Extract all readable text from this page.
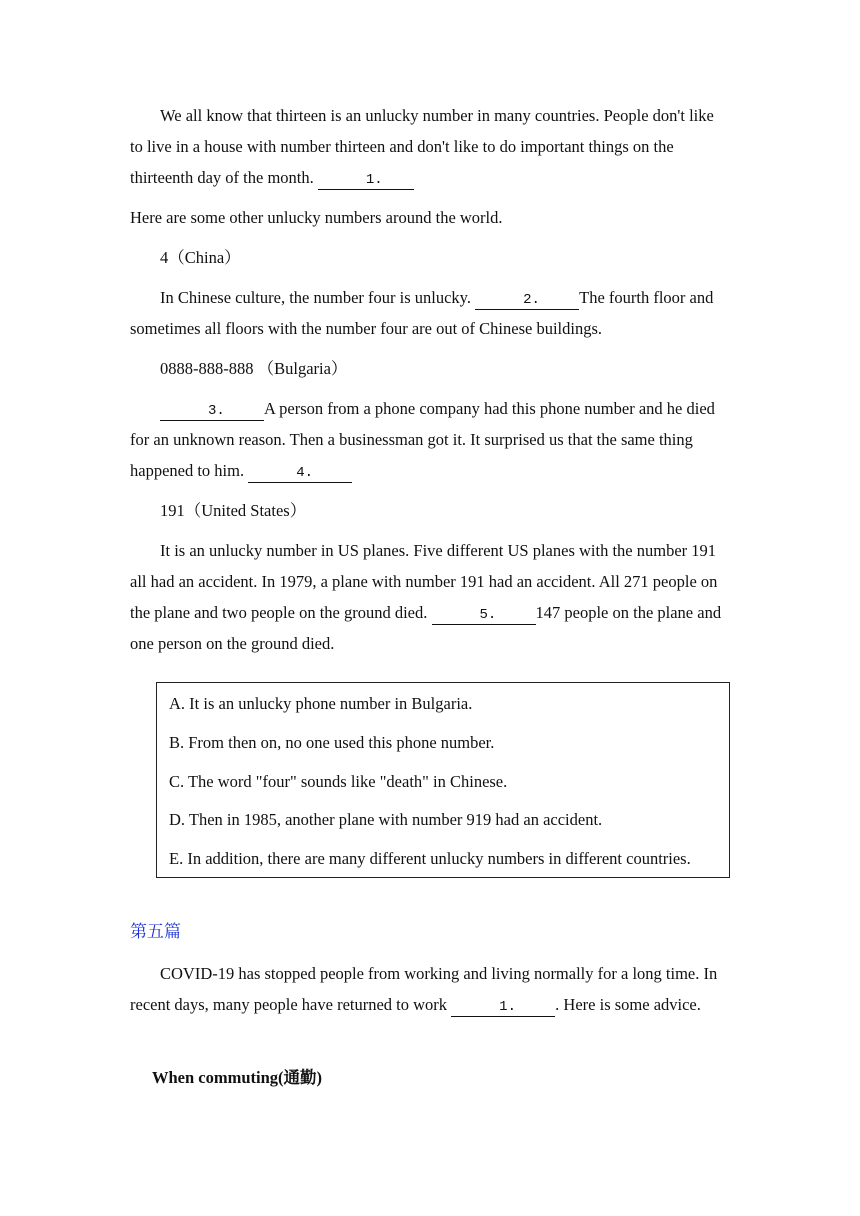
We all know that thirteen is an unlucky number in many countries. People don't like to live in a house with number thirteen and don't like to do important things on the thirteenth day of the month.	1.

Here are some other unlucky numbers around the world.

4（China）

In Chinese culture, the number four is unlucky.	2. The fourth floor and sometimes all floors with the number four are out of Chinese buildings.

0888-888-888 （Bulgaria）

3. A person from a phone company had this phone number and he died for an unknown reason. Then a businessman got it. It surprised us that the same thing happened to him.	4.

191（United States）

It is an unlucky number in US planes. Five different US planes with the number 191 all had an accident. In 1979, a plane with number 191 had an accident. All 271 people on the plane and two people on the ground died.	5. 147 people on the plane and one person on the ground died.

A. It is an unlucky phone number in Bulgaria.

B. From then on, no one used this phone number.

C. The word "four" sounds like "death" in Chinese.

D. Then in 1985, another plane with number 919 had an accident.

E. In addition, there are many different unlucky numbers in different countries.

第五篇

COVID-19 has stopped people from working and living normally for a long time. In recent days, many people have returned to work	1. . Here is some advice.

When commuting(通勤)
